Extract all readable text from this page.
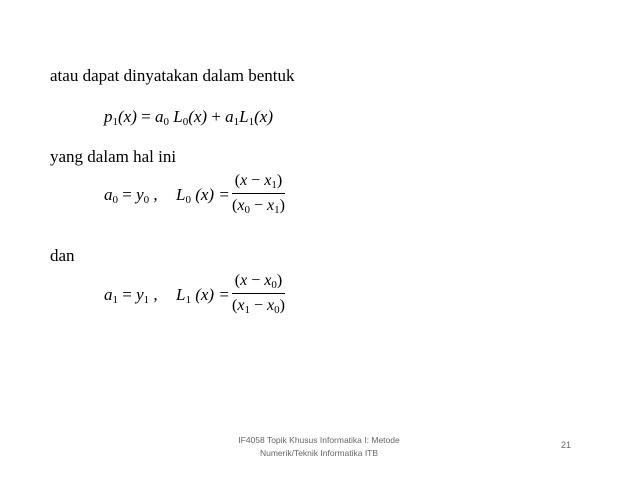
atau dapat dinyatakan dalam bentuk
$p_1(x) = a_0$ $L_0(x) + a_1L_1(x)$
yang dalam hal ini
$a_0 = y_0$ , $L_0$ (x) =
$(x - x_1)$
$(x_0 - x_1)$
dan
$a_1 = y_1$ , $L_1$ (x) =
$(x - x_0)$
$(x_1 - x_0)$
IF4058 Topik Khusus Informatika I: Metode
Numerik/Teknik Informatika ITB
21
